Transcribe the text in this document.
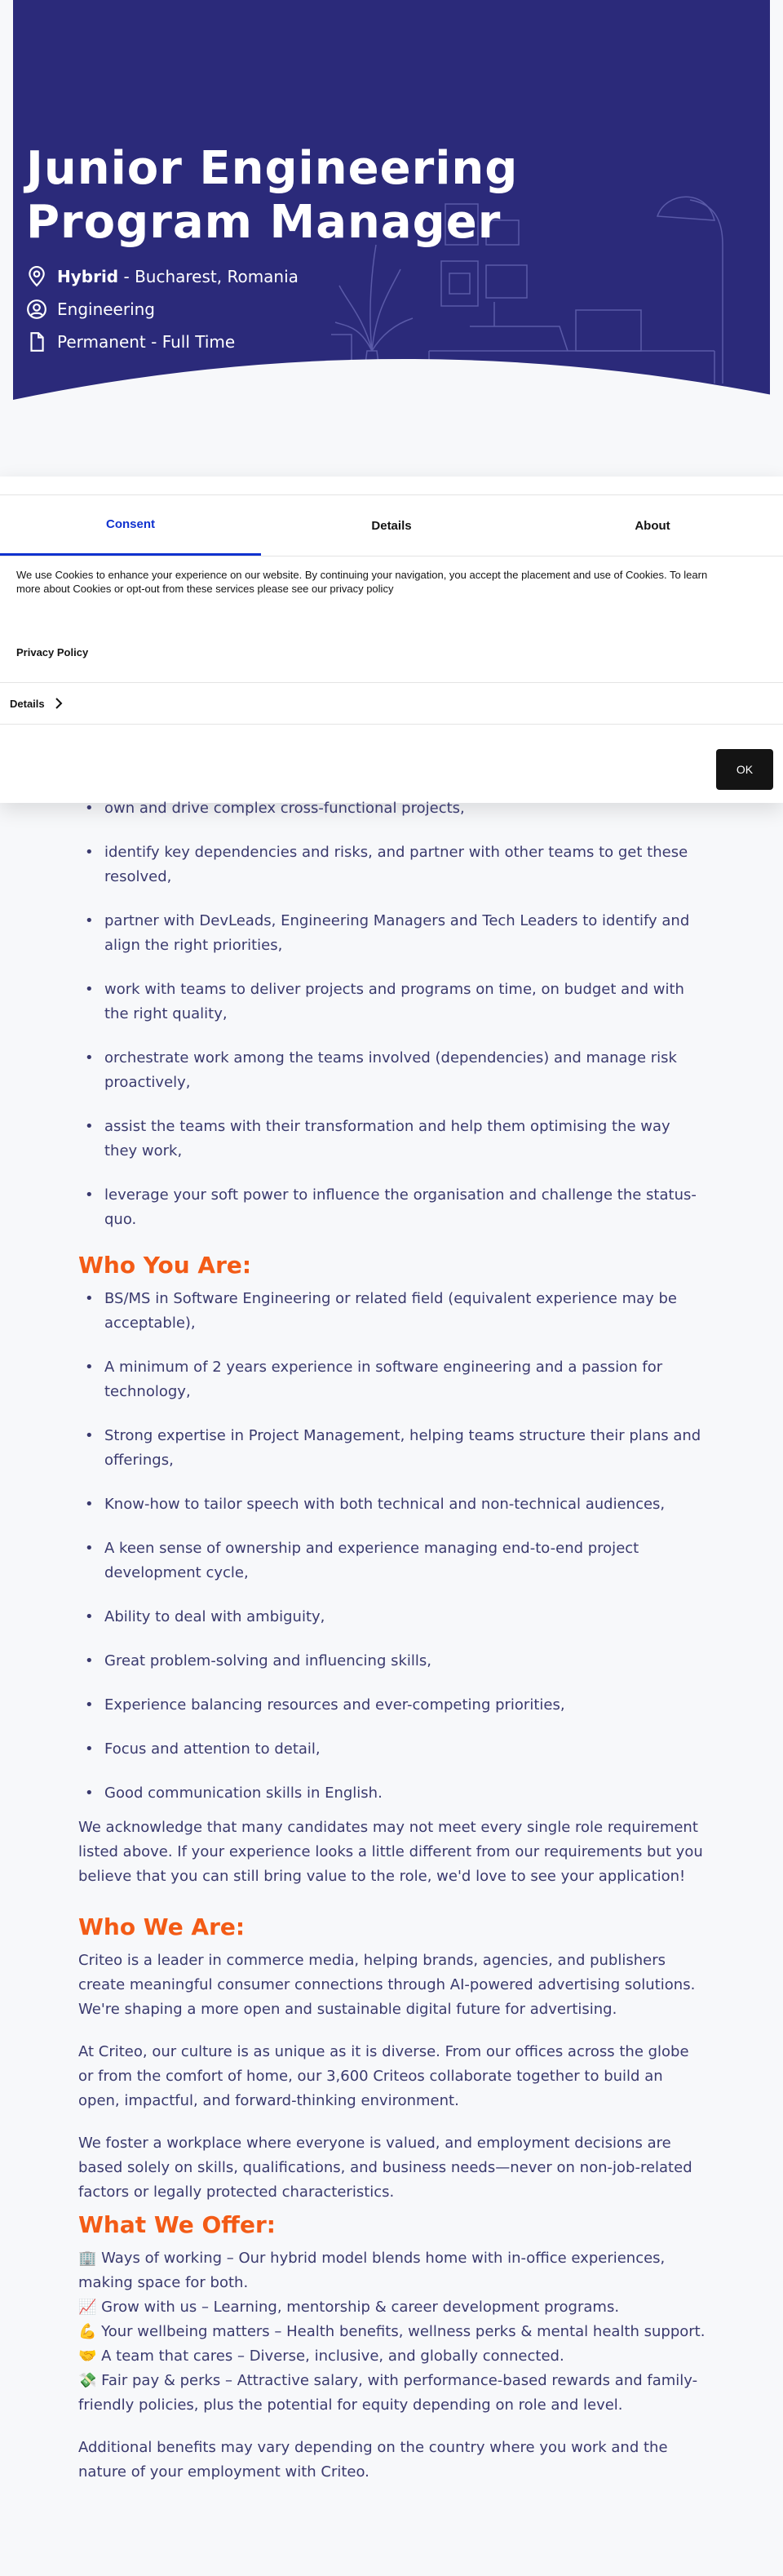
Junior Engineering
Program Manager
Hybrid - Bucharest, Romania
Engineering
Permanent - Full Time
Consent	Details	About
We use Cookies to enhance your experience on our website. By continuing your navigation, you accept the placement and use of Cookies. To learn more about Cookies or opt-out from these services please see our privacy policy
Privacy Policy
Details
OK
• own and drive complex cross-functional projects,
• identify key dependencies and risks, and partner with other teams to get these resolved,
• partner with DevLeads, Engineering Managers and Tech Leaders to identify and align the right priorities,
• work with teams to deliver projects and programs on time, on budget and with the right quality,
• orchestrate work among the teams involved (dependencies) and manage risk proactively,
• assist the teams with their transformation and help them optimising the way they work,
• leverage your soft power to influence the organisation and challenge the status-quo.
Who You Are:
• BS/MS in Software Engineering or related field (equivalent experience may be acceptable),
• A minimum of 2 years experience in software engineering and a passion for technology,
• Strong expertise in Project Management, helping teams structure their plans and offerings,
• Know-how to tailor speech with both technical and non-technical audiences,
• A keen sense of ownership and experience managing end-to-end project development cycle,
• Ability to deal with ambiguity,
• Great problem-solving and influencing skills,
• Experience balancing resources and ever-competing priorities,
• Focus and attention to detail,
• Good communication skills in English.

We acknowledge that many candidates may not meet every single role requirement listed above. If your experience looks a little different from our requirements but you believe that you can still bring value to the role, we'd love to see your application!

Who We Are:

Criteo is a leader in commerce media, helping brands, agencies, and publishers create meaningful consumer connections through AI-powered advertising solutions. We're shaping a more open and sustainable digital future for advertising.

At Criteo, our culture is as unique as it is diverse. From our offices across the globe or from the comfort of home, our 3,600 Criteos collaborate together to build an open, impactful, and forward-thinking environment.

We foster a workplace where everyone is valued, and employment decisions are based solely on skills, qualifications, and business needs—never on non-job-related factors or legally protected characteristics.

What We Offer:
🏢 Ways of working – Our hybrid model blends home with in-office experiences, making space for both.
📈 Grow with us – Learning, mentorship & career development programs.
💪 Your wellbeing matters – Health benefits, wellness perks & mental health support.
🤝 A team that cares – Diverse, inclusive, and globally connected.
💸 Fair pay & perks – Attractive salary, with performance-based rewards and family-friendly policies, plus the potential for equity depending on role and level.

Additional benefits may vary depending on the country where you work and the nature of your employment with Criteo.
